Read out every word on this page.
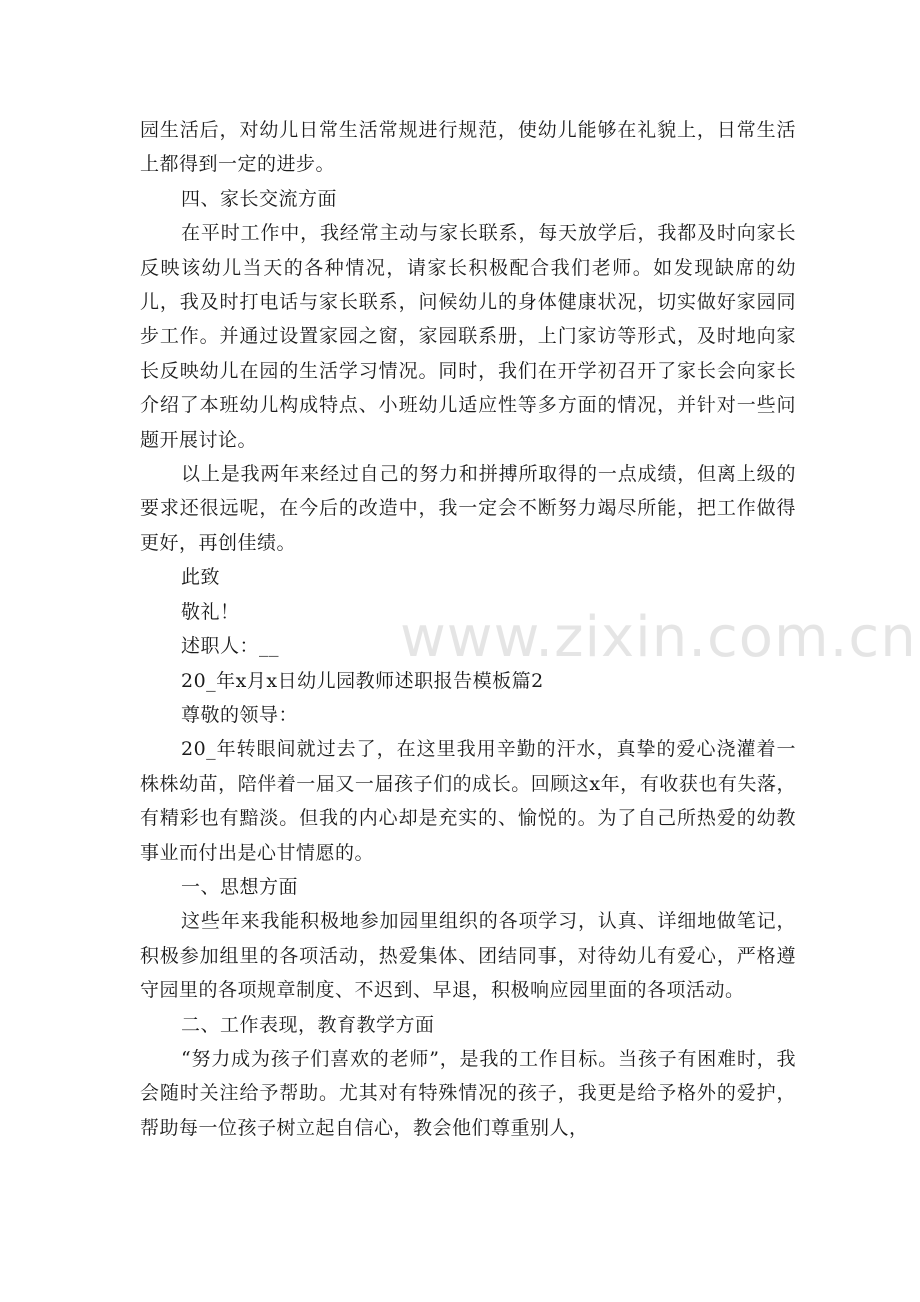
园生活后，对幼儿日常生活常规进行规范，使幼儿能够在礼貌上，日常生活上都得到一定的进步。

四、家长交流方面

在平时工作中，我经常主动与家长联系，每天放学后，我都及时向家长反映该幼儿当天的各种情况，请家长积极配合我们老师。如发现缺席的幼儿，我及时打电话与家长联系，问候幼儿的身体健康状况，切实做好家园同步工作。并通过设置家园之窗，家园联系册，上门家访等形式，及时地向家长反映幼儿在园的生活学习情况。同时，我们在开学初召开了家长会向家长介绍了本班幼儿构成特点、小班幼儿适应性等多方面的情况，并针对一些问题开展讨论。

以上是我两年来经过自己的努力和拼搏所取得的一点成绩，但离上级的要求还很远呢，在今后的改造中，我一定会不断努力竭尽所能，把工作做得更好，再创佳绩。

此致

敬礼！

述职人：__

20_年x月x日幼儿园教师述职报告模板篇2

尊敬的领导：

20_年转眼间就过去了，在这里我用辛勤的汗水，真挚的爱心浇灌着一株株幼苗，陪伴着一届又一届孩子们的成长。回顾这x年，有收获也有失落，有精彩也有黯淡。但我的内心却是充实的、愉悦的。为了自己所热爱的幼教事业而付出是心甘情愿的。

一、思想方面

这些年来我能积极地参加园里组织的各项学习，认真、详细地做笔记，积极参加组里的各项活动，热爱集体、团结同事，对待幼儿有爱心，严格遵守园里的各项规章制度、不迟到、早退，积极响应园里面的各项活动。

二、工作表现，教育教学方面

“努力成为孩子们喜欢的老师”，是我的工作目标。当孩子有困难时，我会随时关注给予帮助。尤其对有特殊情况的孩子，我更是给予格外的爱护，帮助每一位孩子树立起自信心，教会他们尊重别人，

www.zixin.com.cn
